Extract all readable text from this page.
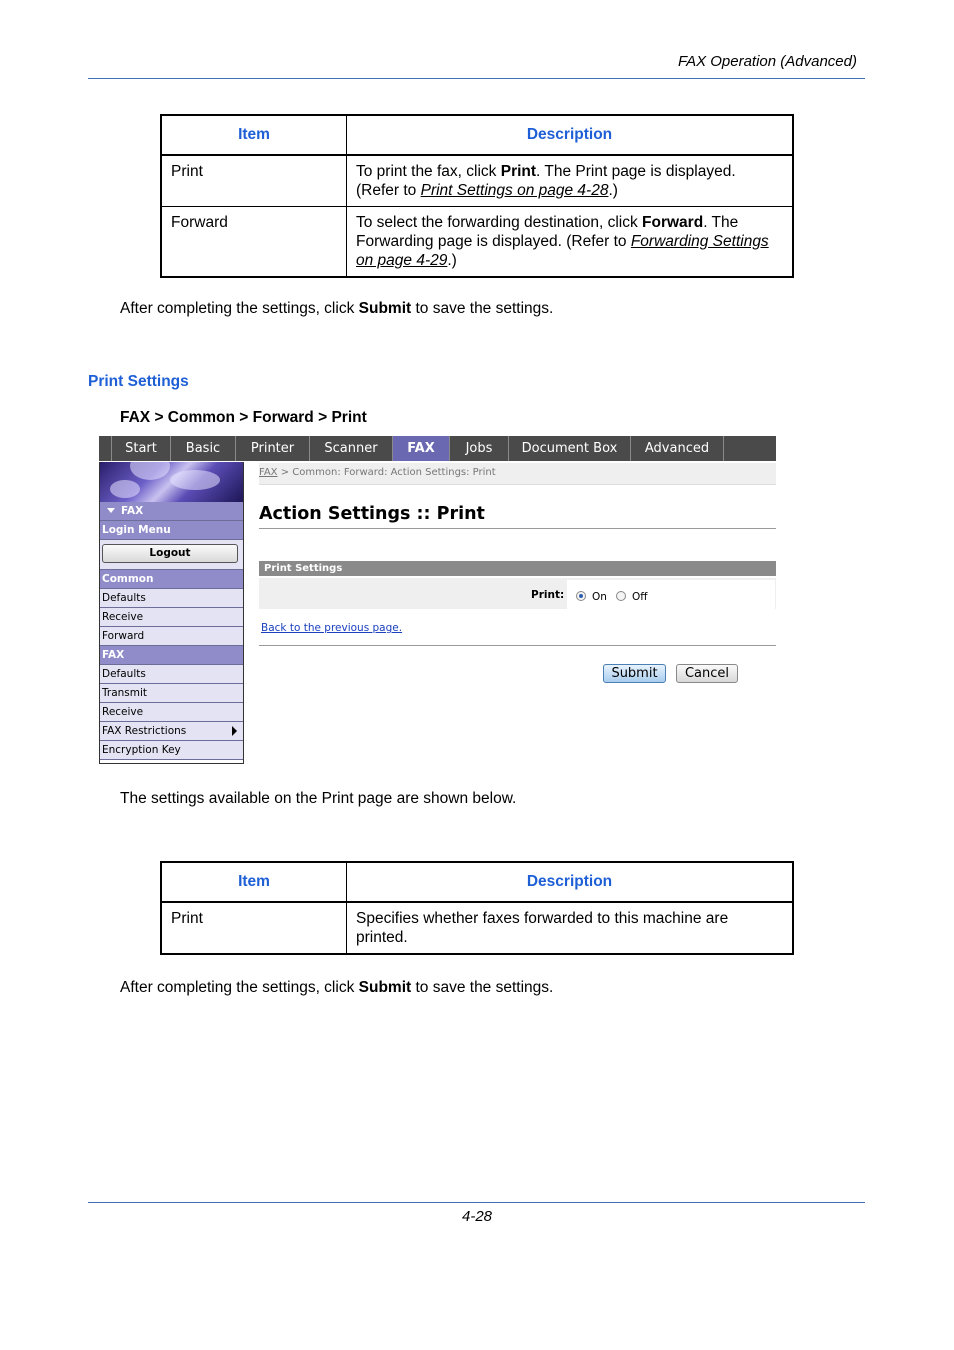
FAX Operation (Advanced)
Item	Description
Print	To print the fax, click Print. The Print page is displayed. (Refer to Print Settings on page 4-28.)
Forward	To select the forwarding destination, click Forward. The Forwarding page is displayed. (Refer to Forwarding Settings on page 4-29.)
After completing the settings, click Submit to save the settings.
Print Settings
FAX > Common > Forward > Print
Start	Basic	Printer	Scanner	FAX	Jobs	Document Box	Advanced
FAX
Login Menu
Logout
Common
Defaults
Receive
Forward
FAX
Defaults
Transmit
Receive
FAX Restrictions
Encryption Key
FAX > Common: Forward: Action Settings: Print
Action Settings :: Print
Print Settings
Print:	On Off
Back to the previous page.
Submit	Cancel
The settings available on the Print page are shown below.
Item	Description
Print	Specifies whether faxes forwarded to this machine are printed.
After completing the settings, click Submit to save the settings.
4-28
